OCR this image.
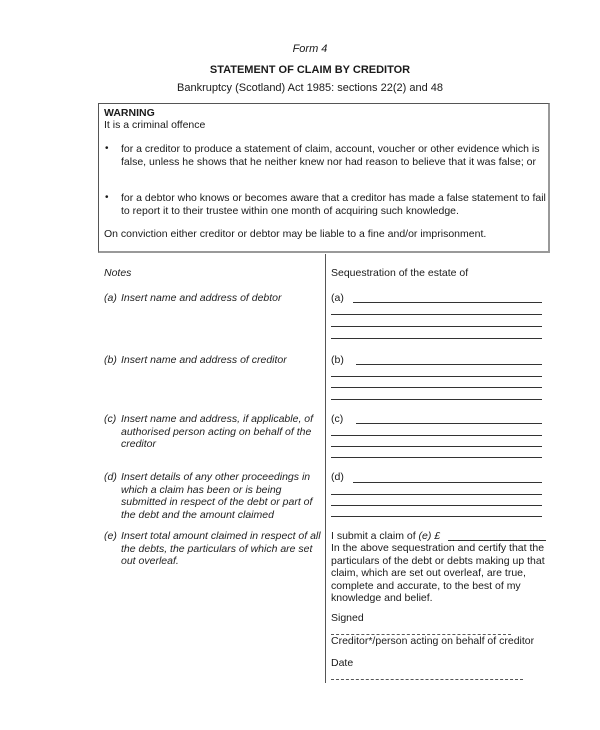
Form 4
STATEMENT OF CLAIM BY CREDITOR
Bankruptcy (Scotland) Act 1985: sections 22(2) and 48
WARNING
It is a criminal offence
• for a creditor to produce a statement of claim, account, voucher or other evidence which is false, unless he shows that he neither knew nor had reason to believe that it was false; or
• for a debtor who knows or becomes aware that a creditor has made a false statement to fail to report it to their trustee within one month of acquiring such knowledge.
On conviction either creditor or debtor may be liable to a fine and/or imprisonment.
Notes
(a) Insert name and address of debtor
(b) Insert name and address of creditor
(c) Insert name and address, if applicable, of authorised person acting on behalf of the creditor
(d) Insert details of any other proceedings in which a claim has been or is being submitted in respect of the debt or part of the debt and the amount claimed
(e) Insert total amount claimed in respect of all the debts, the particulars of which are set out overleaf.
Sequestration of the estate of
(a)
(b)
(c)
(d)
I submit a claim of (e) £
In the above sequestration and certify that the particulars of the debt or debts making up that claim, which are set out overleaf, are true, complete and accurate, to the best of my knowledge and belief.
Signed
Creditor*/person acting on behalf of creditor
Date
